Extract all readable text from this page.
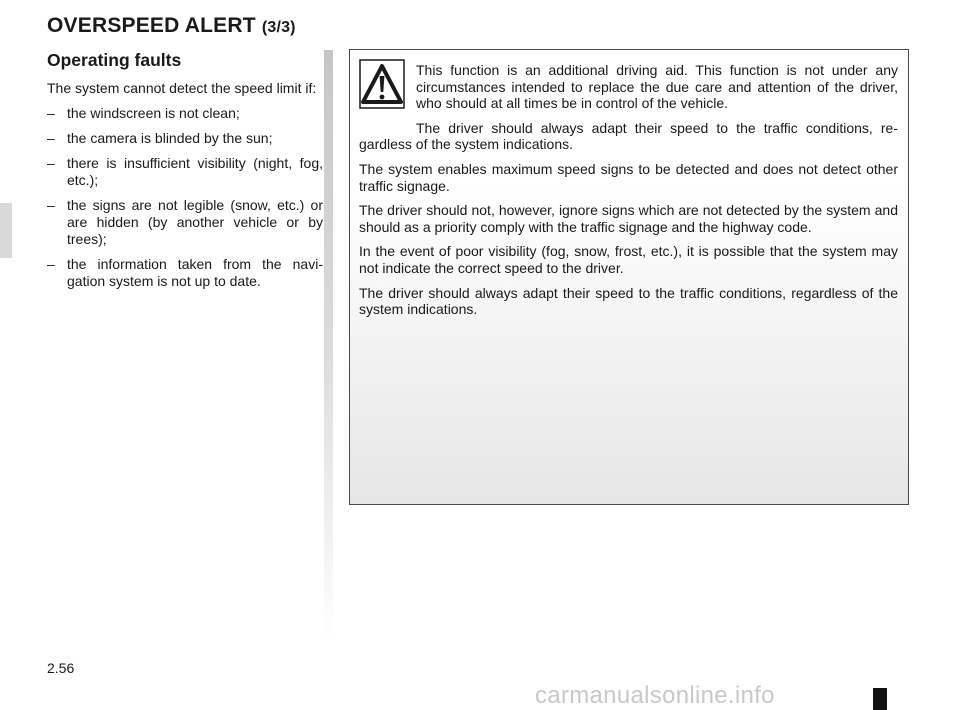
OVERSPEED ALERT (3/3)
Operating faults

The system cannot detect the speed limit if:

– the windscreen is not clean;
– the camera is blinded by the sun;
– there is insufficient visibility (night, fog, etc.);
– the signs are not legible (snow, etc.) or are hidden (by another vehicle or by trees);
– the information taken from the navi-gation system is not up to date.

This function is an additional driving aid. This function is not under any circumstances intended to replace the due care and attention of the driver, who should at all times be in control of the vehicle.

The driver should always adapt their speed to the traffic conditions, re-gardless of the system indications.

The system enables maximum speed signs to be detected and does not detect other traffic signage.

The driver should not, however, ignore signs which are not detected by the system and should as a priority comply with the traffic signage and the highway code.

In the event of poor visibility (fog, snow, frost, etc.), it is possible that the system may not indicate the correct speed to the driver.

The driver should always adapt their speed to the traffic conditions, regardless of the system indications.

2.56
carmanualsonline.info
